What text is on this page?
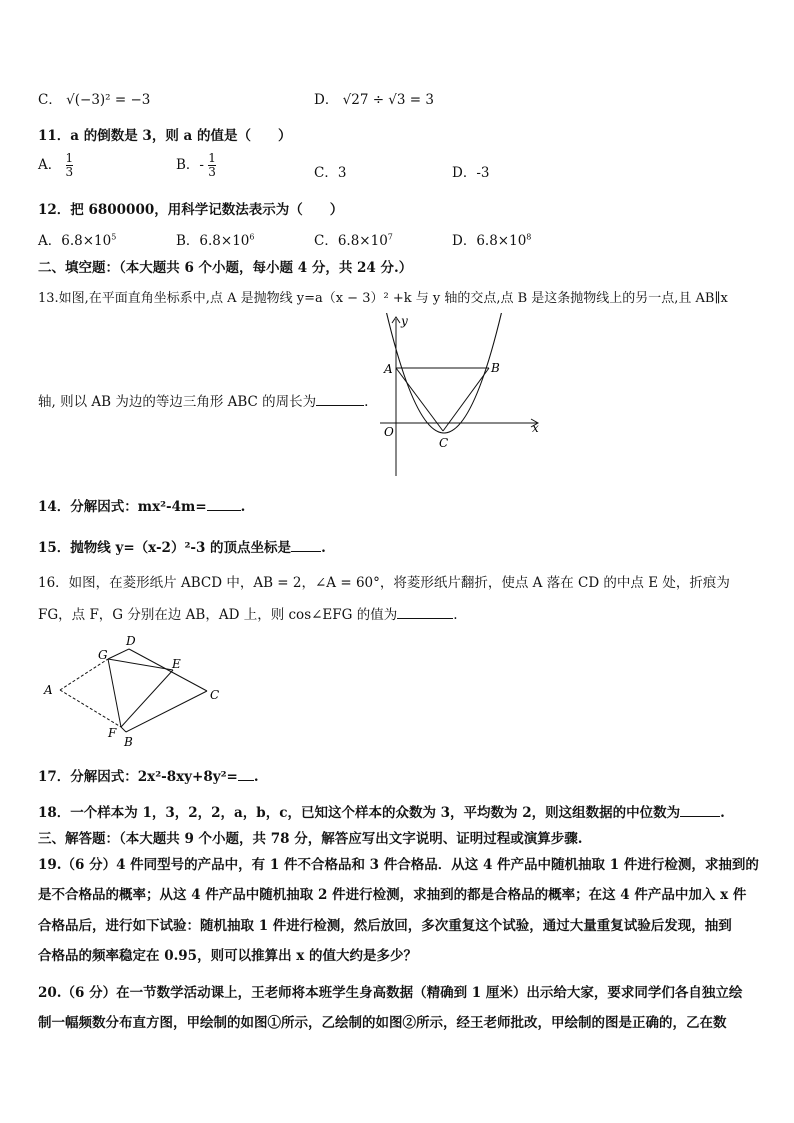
C． √(−3)² = −3	D． √27 ÷ √3 = 3
11．a 的倒数是 3，则 a 的值是（　　）
A． $\frac{1}{3}$	B．- $\frac{1}{3}$	C．3	D．-3
12．把 6800000，用科学记数法表示为（　　）
A．$6.8\times 10^5$	B．$6.8\times 10^6$	C．$6.8\times 10^7$	D．$6.8\times 10^8$
二、填空题：（本大题共 6 个小题，每小题 4 分，共 24 分.）
13.如图,在平面直角坐标系中,点 A 是抛物线 y=a（x − 3）² +k 与 y 轴的交点,点 B 是这条抛物线上的另一点,且 AB∥x
轴, 则以 AB 为边的等边三角形 ABC 的周长为	.
y
A	B
C
O	x
14．分解因式：mx²-4m=	.
15．抛物线 y=（x-2）²-3 的顶点坐标是 .
16．如图，在菱形纸片 ABCD 中，AB = 2，∠A = 60°，将菱形纸片翻折，使点 A 落在 CD 的中点 E 处，折痕为
FG，点 F，G 分别在边 AB，AD 上，则 cos∠EFG 的值为	.
A
D
G
E
C
F
B
17．分解因式：2x²-8xy+8y²= .
18．一个样本为 1，3，2，2，a，b，c，已知这个样本的众数为 3，平均数为 2，则这组数据的中位数为	.
三、解答题：（本大题共 9 个小题，共 78 分，解答应写出文字说明、证明过程或演算步骤.
19.（6 分）4 件同型号的产品中，有 1 件不合格品和 3 件合格品．从这 4 件产品中随机抽取 1 件进行检测，求抽到的
是不合格品的概率；从这 4 件产品中随机抽取 2 件进行检测，求抽到的都是合格品的概率；在这 4 件产品中加入 x 件
合格品后，进行如下试验：随机抽取 1 件进行检测，然后放回，多次重复这个试验，通过大量重复试验后发现，抽到
合格品的频率稳定在 0.95，则可以推算出 x 的值大约是多少？
20.（6 分）在一节数学活动课上，王老师将本班学生身高数据（精确到 1 厘米）出示给大家，要求同学们各自独立绘
制一幅频数分布直方图，甲绘制的如图①所示，乙绘制的如图②所示，经王老师批改，甲绘制的图是正确的，乙在数
